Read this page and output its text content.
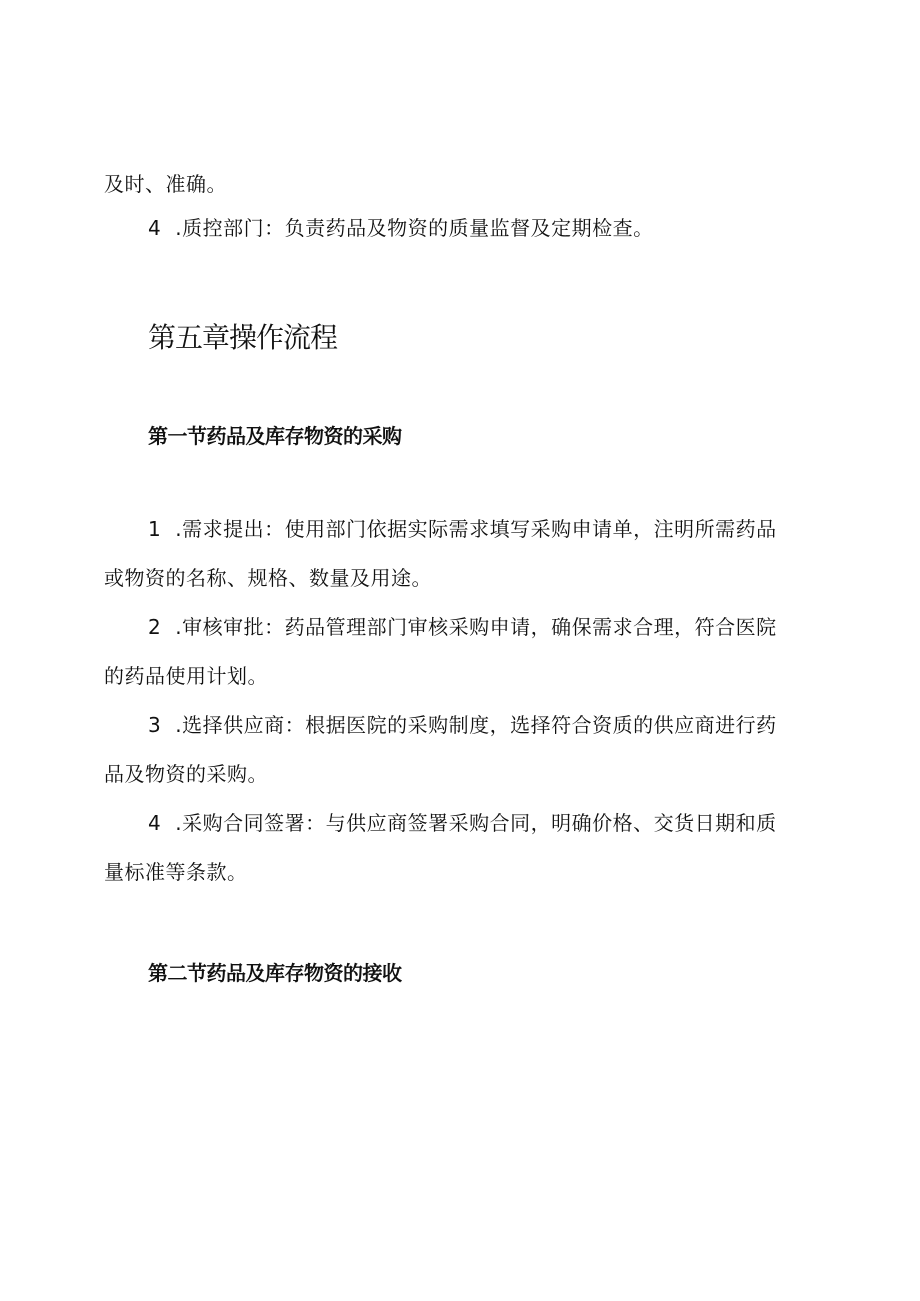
及时、准确。
4 .质控部门：负责药品及物资的质量监督及定期检查。
第五章操作流程
第一节药品及库存物资的采购
1 .需求提出：使用部门依据实际需求填写采购申请单，注明所需药品
或物资的名称、规格、数量及用途。
2 .审核审批：药品管理部门审核采购申请，确保需求合理，符合医院
的药品使用计划。
3 .选择供应商：根据医院的采购制度，选择符合资质的供应商进行药
品及物资的采购。
4 .采购合同签署：与供应商签署采购合同，明确价格、交货日期和质
量标准等条款。
第二节药品及库存物资的接收
